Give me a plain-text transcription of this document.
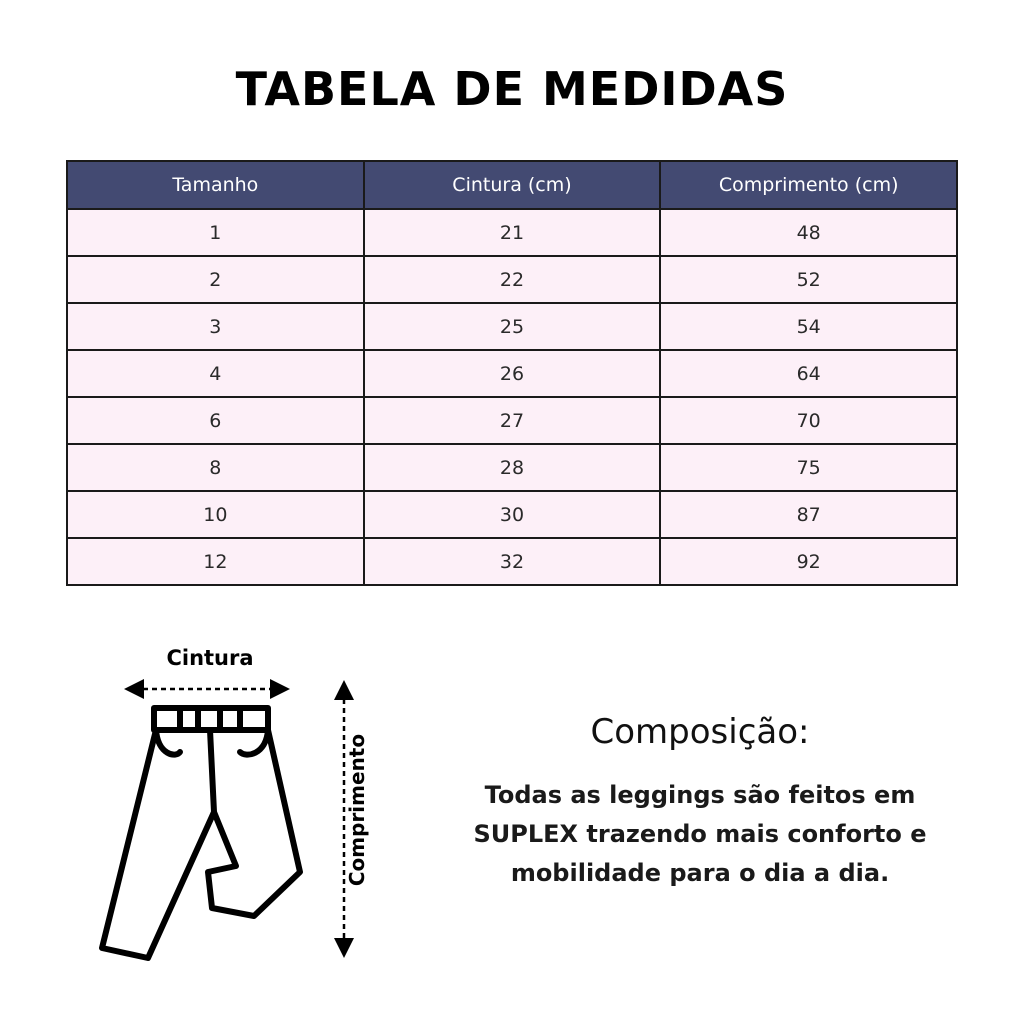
TABELA DE MEDIDAS
Tamanho	Cintura (cm)	Comprimento (cm)
1	21	48
2	22	52
3	25	54
4	26	64
6	27	70
8	28	75
10	30	87
12	32	92
Cintura
Comprimento
Composição:
Todas as leggings são feitos em SUPLEX trazendo mais conforto e mobilidade para o dia a dia.
